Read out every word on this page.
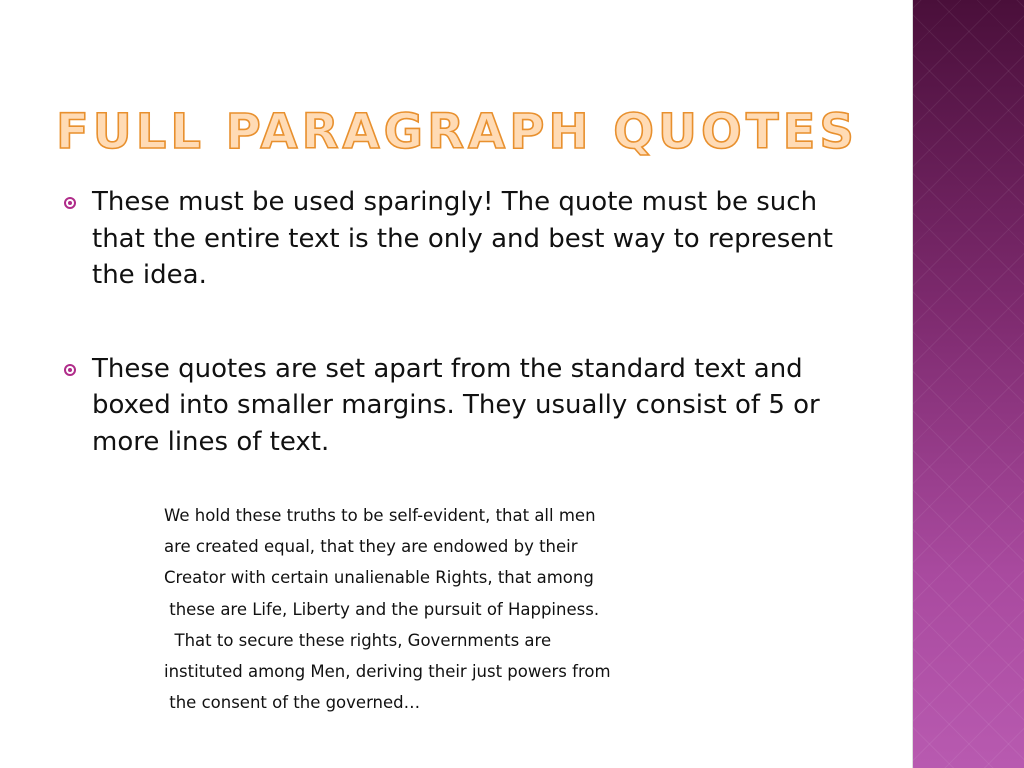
FULL PARAGRAPH QUOTES
These must be used sparingly! The quote must be such that the entire text is the only and best way to represent the idea.
These quotes are set apart from the standard text and boxed into smaller margins. They usually consist of 5 or more lines of text.
We hold these truths to be self-evident, that all men
are created equal, that they are endowed by their
Creator with certain unalienable Rights, that among
these are Life, Liberty and the pursuit of Happiness.
That to secure these rights, Governments are
instituted among Men, deriving their just powers from
the consent of the governed…
